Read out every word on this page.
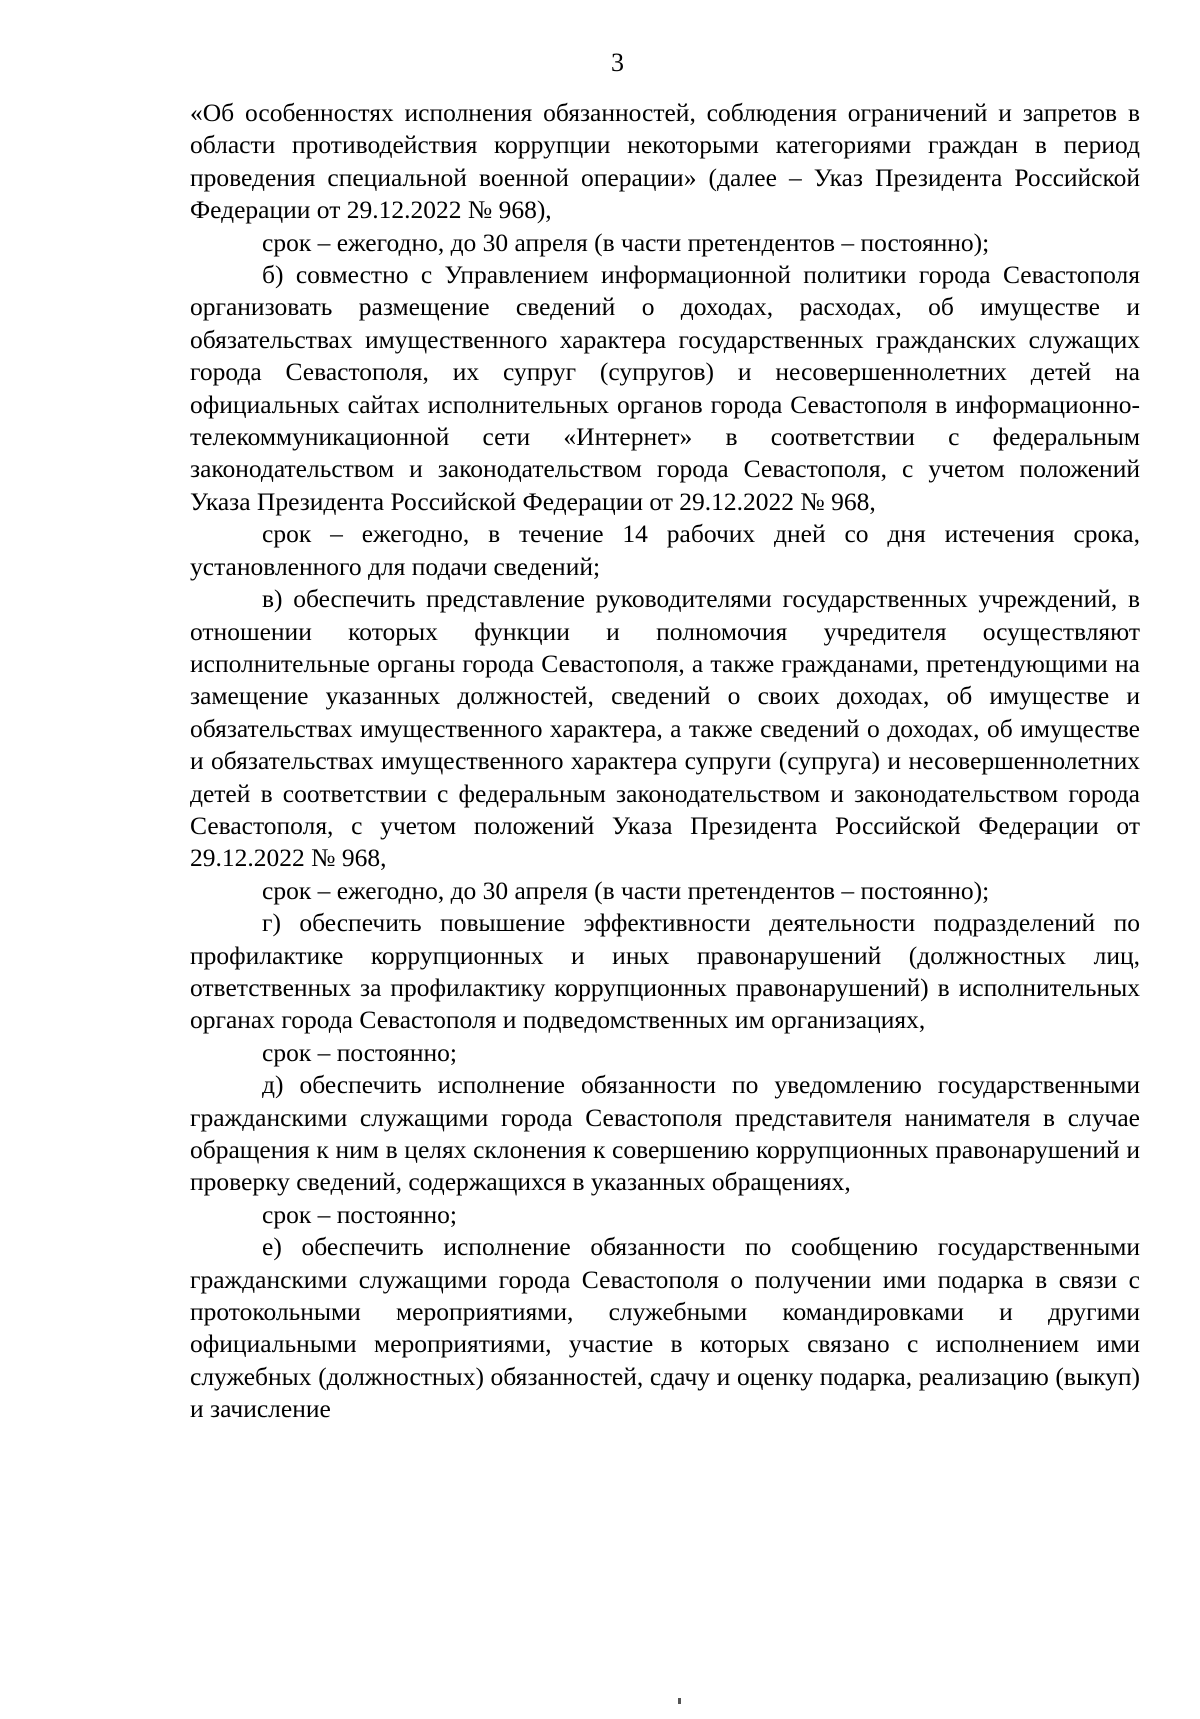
3

«Об особенностях исполнения обязанностей, соблюдения ограничений и запретов в области противодействия коррупции некоторыми категориями граждан в период проведения специальной военной операции» (далее – Указ Президента Российской Федерации от 29.12.2022 № 968),

срок – ежегодно, до 30 апреля (в части претендентов – постоянно);

б) совместно с Управлением информационной политики города Севастополя организовать размещение сведений о доходах, расходах, об имуществе и обязательствах имущественного характера государственных гражданских служащих города Севастополя, их супруг (супругов) и несовершеннолетних детей на официальных сайтах исполнительных органов города Севастополя в информационно-телекоммуникационной сети «Интернет» в соответствии с федеральным законодательством и законодательством города Севастополя, с учетом положений Указа Президента Российской Федерации от 29.12.2022 № 968,

срок – ежегодно, в течение 14 рабочих дней со дня истечения срока, установленного для подачи сведений;

в) обеспечить представление руководителями государственных учреждений, в отношении которых функции и полномочия учредителя осуществляют исполнительные органы города Севастополя, а также гражданами, претендующими на замещение указанных должностей, сведений о своих доходах, об имуществе и обязательствах имущественного характера, а также сведений о доходах, об имуществе и обязательствах имущественного характера супруги (супруга) и несовершеннолетних детей в соответствии с федеральным законодательством и законодательством города Севастополя, с учетом положений Указа Президента Российской Федерации от 29.12.2022 № 968,

срок – ежегодно, до 30 апреля (в части претендентов – постоянно);

г) обеспечить повышение эффективности деятельности подразделений по профилактике коррупционных и иных правонарушений (должностных лиц, ответственных за профилактику коррупционных правонарушений) в исполнительных органах города Севастополя и подведомственных им организациях,

срок – постоянно;

д) обеспечить исполнение обязанности по уведомлению государственными гражданскими служащими города Севастополя представителя нанимателя в случае обращения к ним в целях склонения к совершению коррупционных правонарушений и проверку сведений, содержащихся в указанных обращениях,

срок – постоянно;

е) обеспечить исполнение обязанности по сообщению государственными гражданскими служащими города Севастополя о получении ими подарка в связи с протокольными мероприятиями, служебными командировками и другими официальными мероприятиями, участие в которых связано с исполнением ими служебных (должностных) обязанностей, сдачу и оценку подарка, реализацию (выкуп) и зачисление
